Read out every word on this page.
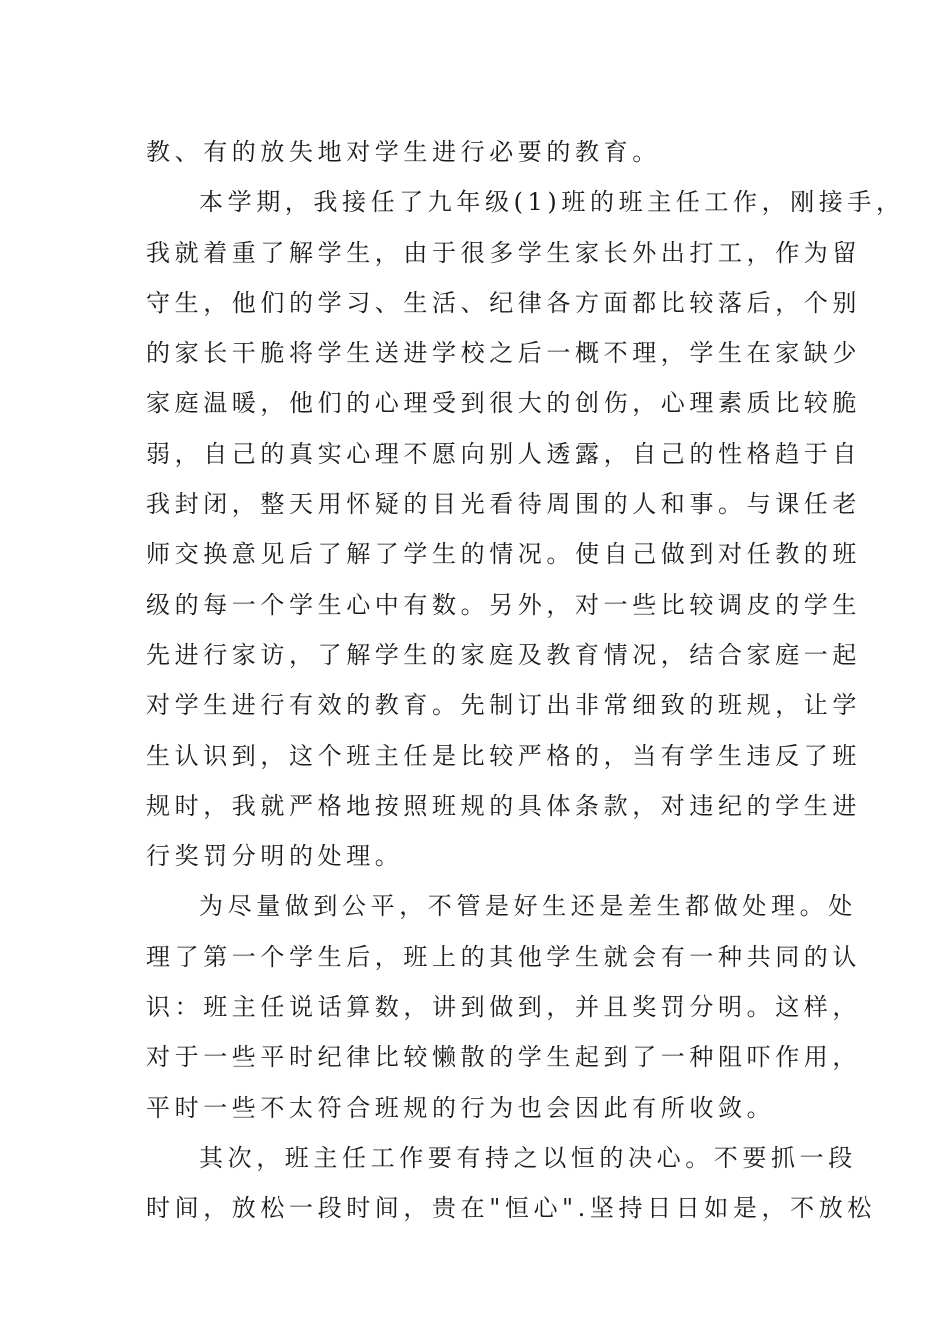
教、有的放失地对学生进行必要的教育。
本学期，我接任了九年级(1)班的班主任工作，刚接手，
我就着重了解学生，由于很多学生家长外出打工，作为留
守生，他们的学习、生活、纪律各方面都比较落后，个别
的家长干脆将学生送进学校之后一概不理，学生在家缺少
家庭温暖，他们的心理受到很大的创伤，心理素质比较脆
弱，自己的真实心理不愿向别人透露，自己的性格趋于自
我封闭，整天用怀疑的目光看待周围的人和事。与课任老
师交换意见后了解了学生的情况。使自己做到对任教的班
级的每一个学生心中有数。另外，对一些比较调皮的学生
先进行家访，了解学生的家庭及教育情况，结合家庭一起
对学生进行有效的教育。先制订出非常细致的班规，让学
生认识到，这个班主任是比较严格的，当有学生违反了班
规时，我就严格地按照班规的具体条款，对违纪的学生进
行奖罚分明的处理。
为尽量做到公平，不管是好生还是差生都做处理。处
理了第一个学生后，班上的其他学生就会有一种共同的认
识：班主任说话算数，讲到做到，并且奖罚分明。这样，
对于一些平时纪律比较懒散的学生起到了一种阻吓作用，
平时一些不太符合班规的行为也会因此有所收敛。
其次，班主任工作要有持之以恒的决心。不要抓一段
时间，放松一段时间，贵在"恒心".坚持日日如是，不放松
